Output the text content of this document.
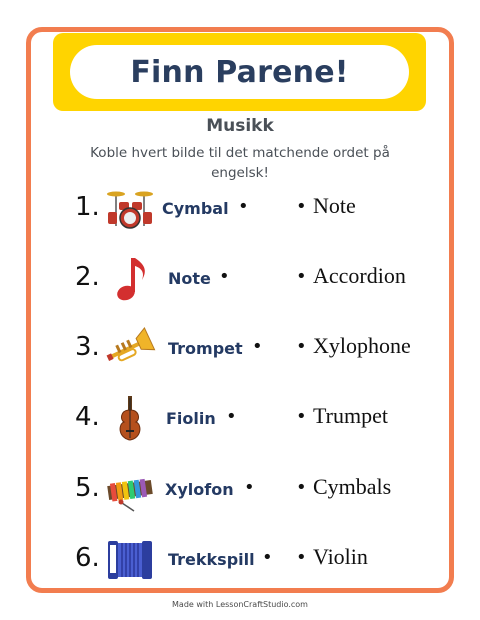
Finn Parene!
Musikk
Koble hvert bilde til det matchende ordet på engelsk!
1.	Cymbal •	• Note
2.	Note •	• Accordion
3.	Trompet • • Xylophone
4.	Fiolin •	• Trumpet
5.	Xylofon • • Cymbals
6.	Trekkspill • • Violin
Made with LessonCraftStudio.com
